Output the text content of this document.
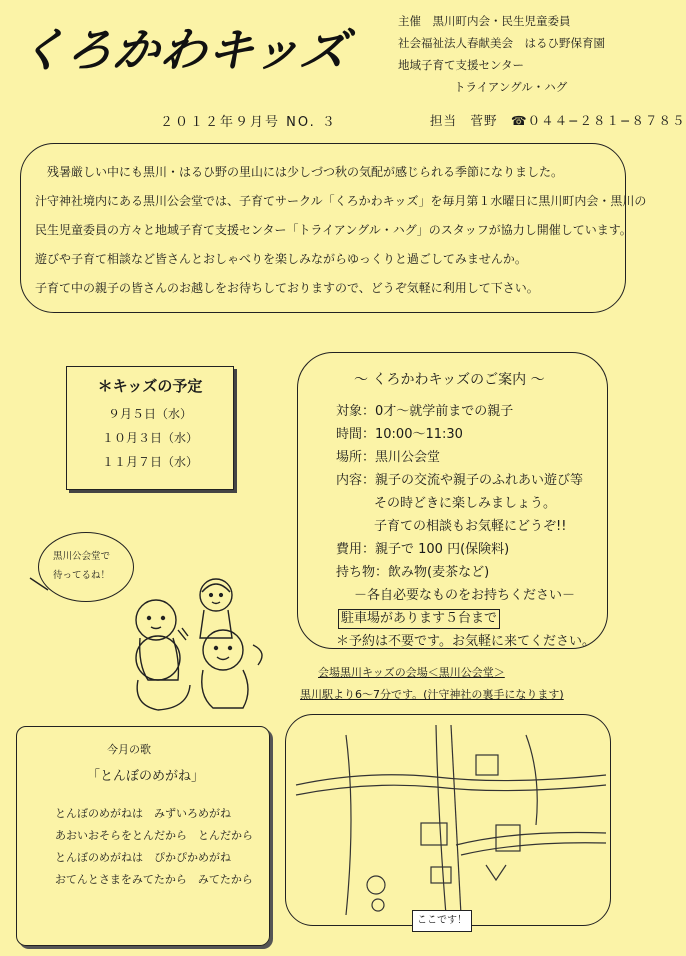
くろかわキッズ
主催　黒川町内会・民生児童委員
社会福祉法人春献美会　はるひ野保育園
地域子育て支援センター
トライアングル・ハグ
２０１２年９月号 NO. ３	担当　菅野　☎０４４−２８１−８７８５

残暑厳しい中にも黒川・はるひ野の里山には少しづつ秋の気配が感じられる季節になりました。

汁守神社境内にある黒川公会堂では、子育てサークル「くろかわキッズ」を毎月第１水曜日に黒川町内会・黒川の

民生児童委員の方々と地域子育て支援センター「トライアングル・ハグ」のスタッフが協力し開催しています。

遊びや子育て相談など皆さんとおしゃべりを楽しみながらゆっくりと過ごしてみませんか。

子育て中の親子の皆さんのお越しをお待ちしておりますので、どうぞ気軽に利用して下さい。

＊キッズの予定
９月５日（水）
１０月３日（水）
１１月７日（水）
～ くろかわキッズのご案内 ～
対象：0才～就学前までの親子
時間：10:00～11:30
場所：黒川公会堂
内容：親子の交流や親子のふれあい遊び等
その時どきに楽しみましょう。
子育ての相談もお気軽にどうぞ!!
費用：親子で 100 円(保険料)
持ち物：飲み物(麦茶など)
－各自必要なものをお持ちください－
駐車場があります５台まで
＊予約は不要です。お気軽に来てください。
黒川公会堂で
待ってるね！
会場黒川キッズの会場＜黒川公会堂＞
黒川駅より6～7分です。(汁守神社の裏手になります)
今月の歌
「とんぼのめがね」
とんぼのめがねは　みずいろめがね
あおいおそらをとんだから　とんだから
とんぼのめがねは　ぴかぴかめがね
おてんとさまをみてたから　みてたから
ここです！
